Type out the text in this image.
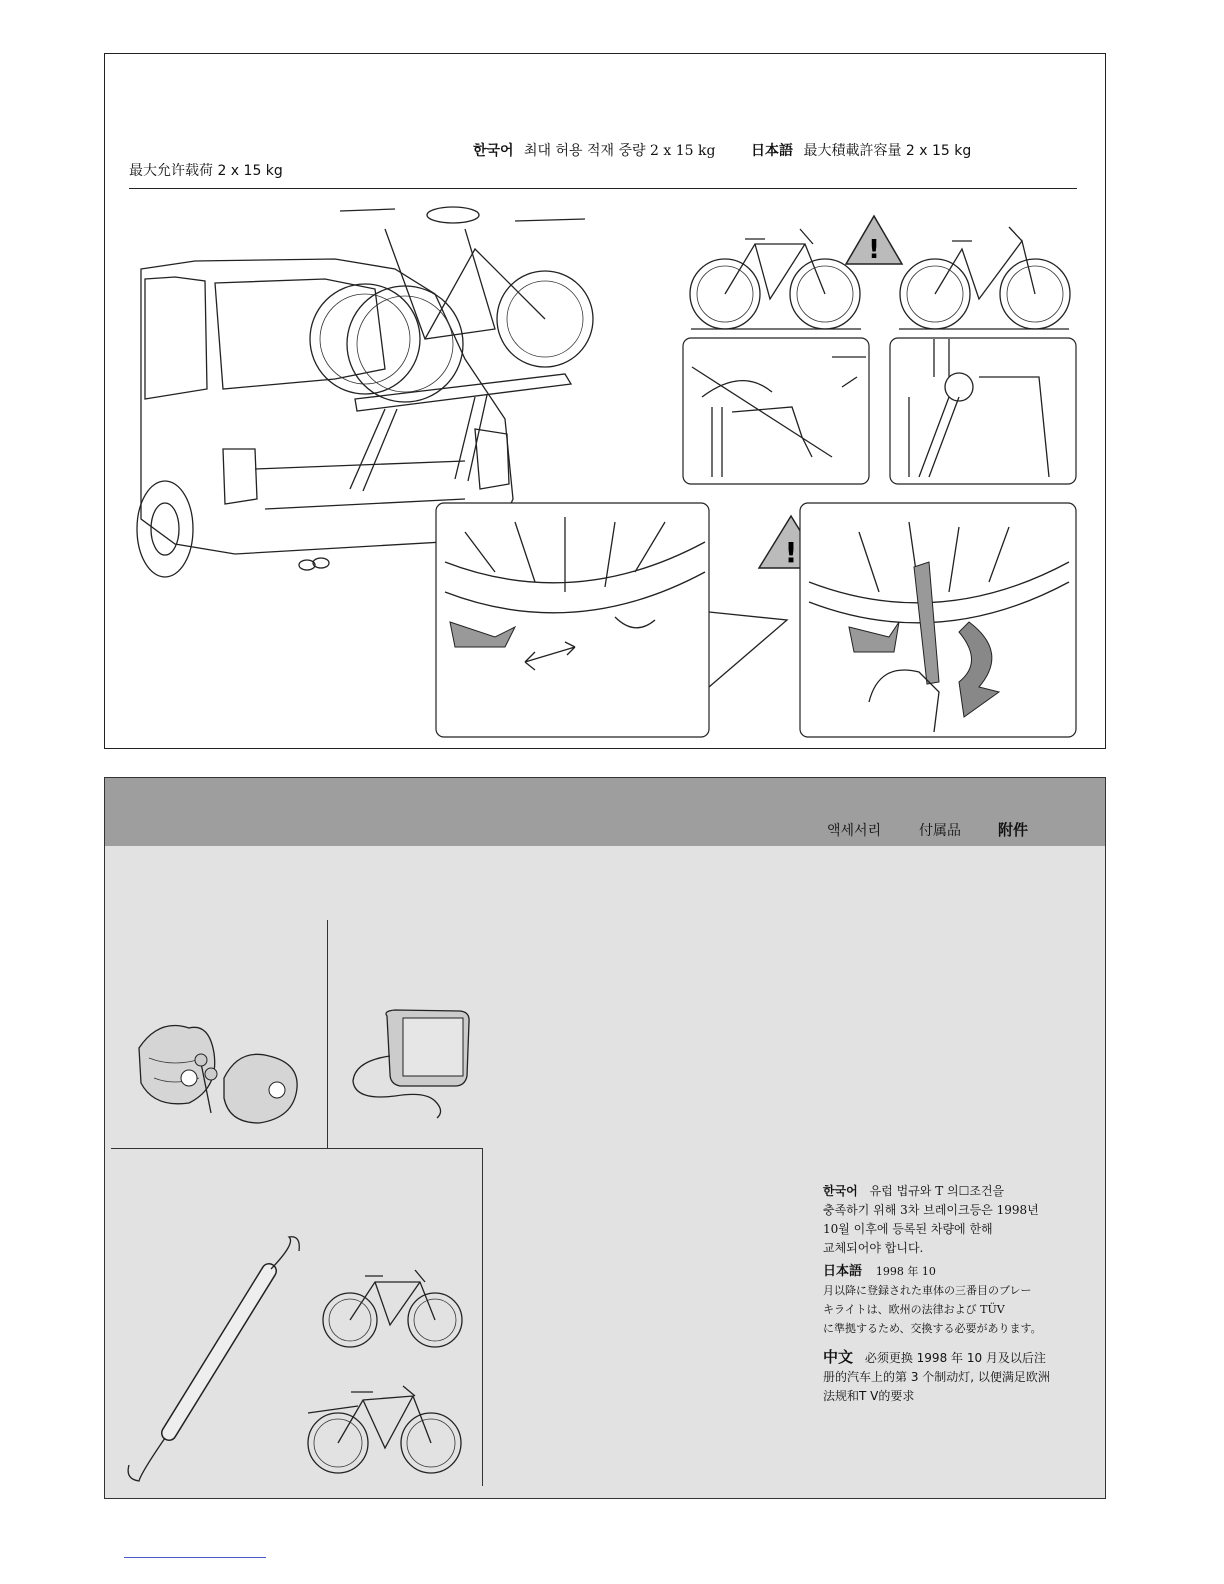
한국어 최대 허용 적재 중량 2 x 15 kg	日本語 最大積載許容量 2 x 15 kg
最大允许载荷 2 x 15 kg
!
!
액세서리	付属品 附件
한국어 유럽 법규와 T 의☐조건을
충족하기 위해 3차 브레이크등은 1998년
10월 이후에 등록된 차량에 한해
교체되어야 합니다.
日本語 1998 年 10
月以降に登録された車体の三番目のブレー
キライトは、欧州の法律および TÜV
に準拠するため、交換する必要があります。
中文 必须更换 1998 年 10 月及以后注
册的汽车上的第 3 个制动灯, 以便满足欧洲
法规和T V的要求
